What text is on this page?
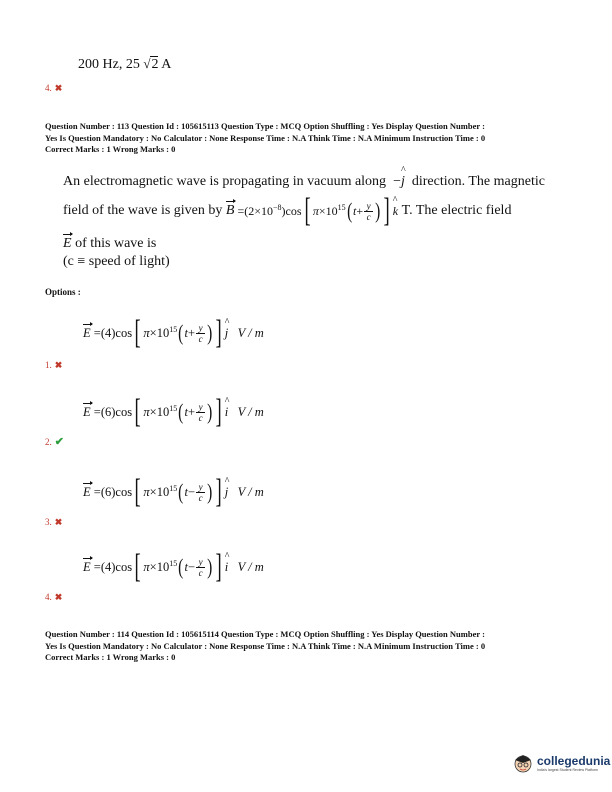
200 Hz, 25 √2 A
4. ✖
Question Number : 113 Question Id : 105615113 Question Type : MCQ Option Shuffling : Yes Display Question Number :
Yes Is Question Mandatory : No Calculator : None Response Time : N.A Think Time : N.A Minimum Instruction Time : 0
Correct Marks : 1 Wrong Marks : 0
An electromagnetic wave is propagating in vacuum along  −^ j direction. The magnetic
field of the wave is given by
$B =(2\times 10^{-8})\cos$ [ $\pi \times 10^{15}$ ( $t + \frac{y}{c}$ ) ] ^ k
T. The electric field
E of this wave is
(c ≡ speed of light)
Options :
E =( 4 )cos [ $\pi \times 10^{15}$ ( $t + \frac{y}{c}$ ) ] ^ j V / m
1. ✖
E =( 6 )cos [ $\pi \times 10^{15}$ ( $t + \frac{y}{c}$ ) ] ^ i V / m
2. ✔
E =( 6 )cos [ $\pi \times 10^{15}$ ( $t - \frac{y}{c}$ ) ] ^ j V / m
3. ✖
E =( 4 )cos [ $\pi \times 10^{15}$ ( $t - \frac{y}{c}$ ) ] ^ i V / m
4. ✖
Question Number : 114 Question Id : 105615114 Question Type : MCQ Option Shuffling : Yes Display Question Number :
Yes Is Question Mandatory : No Calculator : None Response Time : N.A Think Time : N.A Minimum Instruction Time : 0
Correct Marks : 1 Wrong Marks : 0
collegedunia
India's largest Student Review Platform
